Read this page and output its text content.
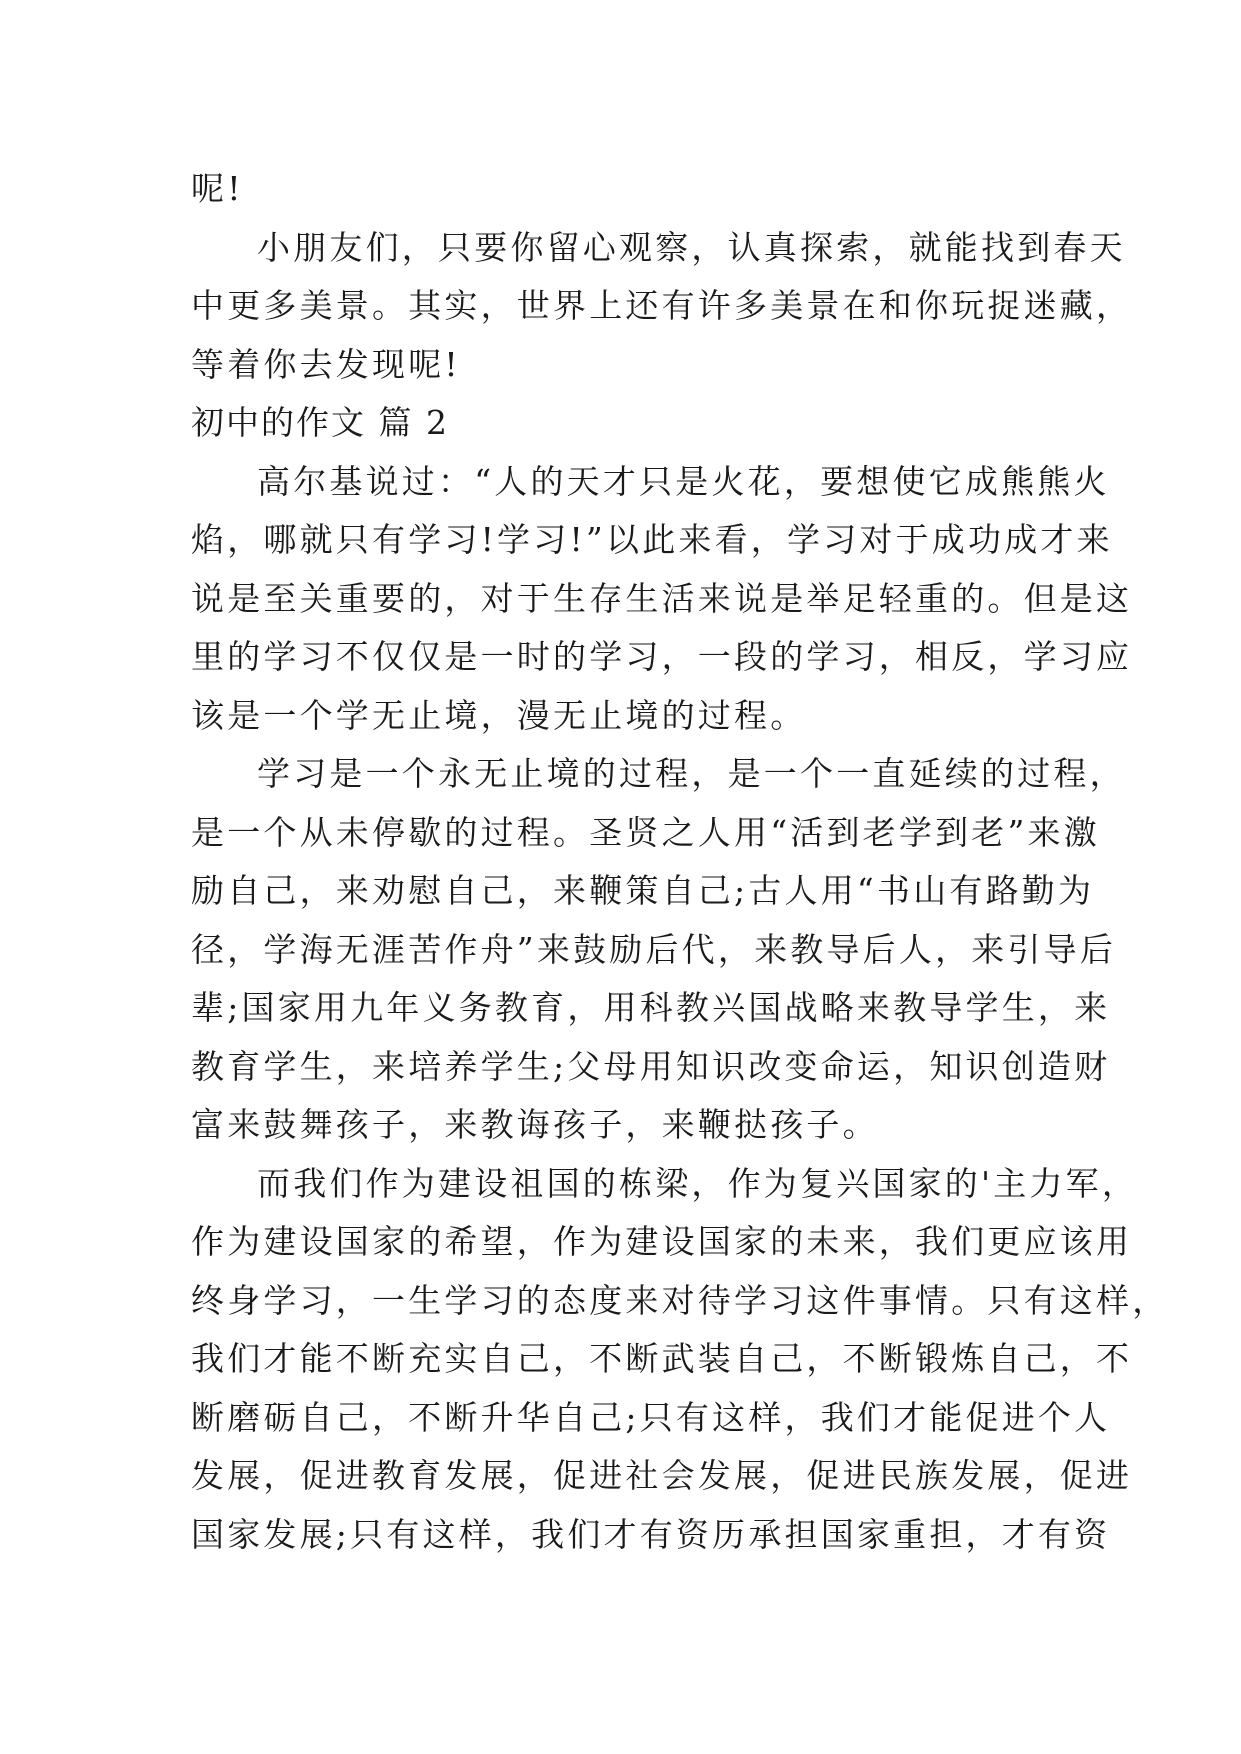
呢!
小朋友们，只要你留心观察，认真探索，就能找到春天
中更多美景。其实，世界上还有许多美景在和你玩捉迷藏，
等着你去发现呢!
初中的作文 篇 2
高尔基说过：“人的天才只是火花，要想使它成熊熊火
焰，哪就只有学习!学习!”以此来看，学习对于成功成才来
说是至关重要的，对于生存生活来说是举足轻重的。但是这
里的学习不仅仅是一时的学习，一段的学习，相反，学习应
该是一个学无止境，漫无止境的过程。
学习是一个永无止境的过程，是一个一直延续的过程，
是一个从未停歇的过程。圣贤之人用“活到老学到老”来激
励自己，来劝慰自己，来鞭策自己;古人用“书山有路勤为
径，学海无涯苦作舟”来鼓励后代，来教导后人，来引导后
辈;国家用九年义务教育，用科教兴国战略来教导学生，来
教育学生，来培养学生;父母用知识改变命运，知识创造财
富来鼓舞孩子，来教诲孩子，来鞭挞孩子。
而我们作为建设祖国的栋梁，作为复兴国家的'主力军，
作为建设国家的希望，作为建设国家的未来，我们更应该用
终身学习，一生学习的态度来对待学习这件事情。只有这样，
我们才能不断充实自己，不断武装自己，不断锻炼自己，不
断磨砺自己，不断升华自己;只有这样，我们才能促进个人
发展，促进教育发展，促进社会发展，促进民族发展，促进
国家发展;只有这样，我们才有资历承担国家重担，才有资
